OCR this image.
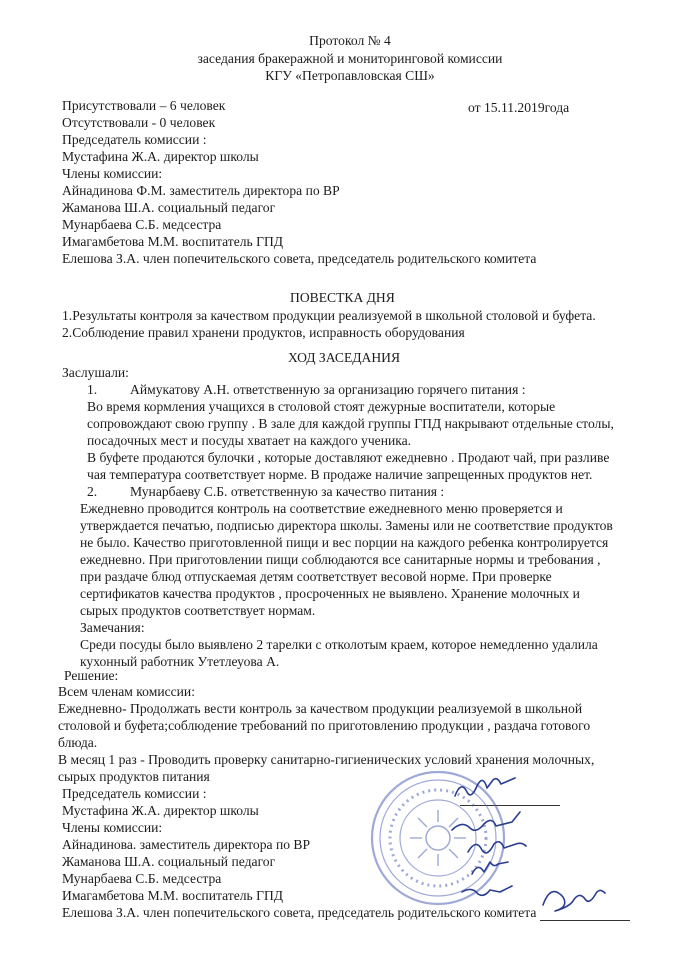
Протокол № 4
заседания бракеражной и мониторинговой комиссии
КГУ «Петропавловская СШ»
Присутствовали – 6 человек	от 15.11.2019года
Отсутствовали - 0 человек
Председатель комиссии :
Мустафина Ж.А. директор школы
Члены комиссии:
Айнадинова Ф.М. заместитель директора по ВР
Жаманова Ш.А. социальный педагог
Мунарбаева С.Б. медсестра
Имагамбетова М.М. воспитатель ГПД
Елешова З.А. член попечительского совета, председатель родительского комитета
ПОВЕСТКА ДНЯ
1.Результаты контроля за качеством продукции реализуемой в школьной столовой и буфета.
2.Соблюдение правил хранени продуктов, исправность оборудования
ХОД ЗАСЕДАНИЯ
Заслушали:
1. Аймукатову А.Н. ответственную за организацию горячего питания :
Во время кормления учащихся в столовой стоят дежурные воспитатели, которые
сопровождают свою группу . В зале для каждой группы ГПД накрывают отдельные столы,
посадочных мест и посуды хватает на каждого ученика.
В буфете продаются булочки , которые доставляют ежедневно . Продают чай, при разливе
чая температура соответствует норме. В продаже наличие запрещенных продуктов нет.
2. Мунарбаеву С.Б. ответственную за качество питания :
Ежедневно проводится контроль на соответствие ежедневного меню проверяется и
утверждается печатью, подписью директора школы. Замены или не соответствие продуктов
не было. Качество приготовленной пищи и вес порции на каждого ребенка контролируется
ежедневно. При приготовлении пищи соблюдаются все санитарные нормы и требования ,
при раздаче блюд отпускаемая детям соответствует весовой норме. При проверке
сертификатов качества продуктов , просроченных не выявлено. Хранение молочных и
сырых продуктов соответствует нормам.
Замечания:
Среди посуды было выявлено 2 тарелки с отколотым краем, которое немедленно удалила
кухонный работник Утетлеуова А.
Решение:
Всем членам комиссии:
Ежедневно- Продолжать вести контроль за качеством продукции реализуемой в школьной
столовой и буфета;соблюдение требований по приготовлению продукции , раздача готового
блюда.
В месяц 1 раз - Проводить проверку санитарно-гигиенических условий хранения молочных,
сырых продуктов питания
Председатель комиссии :
Мустафина Ж.А. директор школы
Члены комиссии:
Айнадинова. заместитель директора по ВР
Жаманова Ш.А. социальный педагог
Мунарбаева С.Б. медсестра
Имагамбетова М.М. воспитатель ГПД
Елешова З.А. член попечительского совета, председатель родительского комитета
